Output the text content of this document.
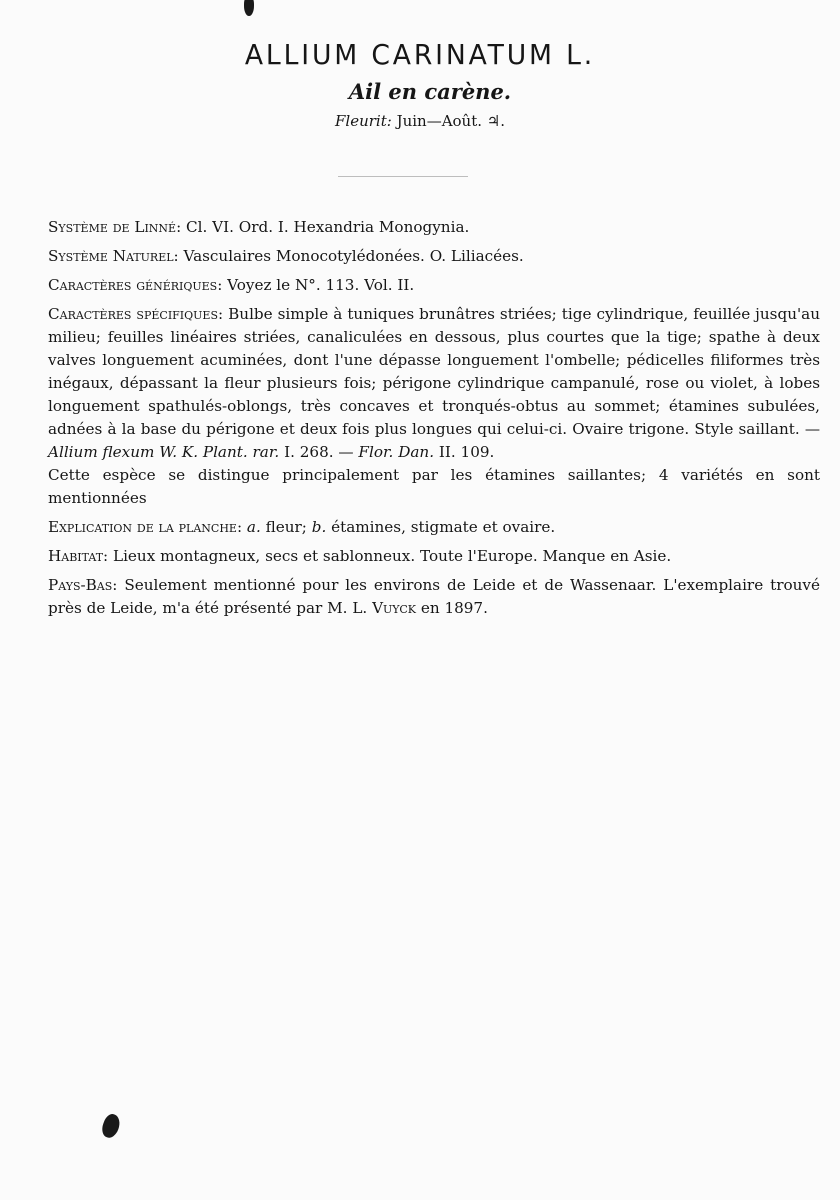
ALLIUM CARINATUM L.
Ail en carène.
Fleurit: Juin—Août. ♃.

Système de Linné: Cl. VI. Ord. I. Hexandria Monogynia.

Système Naturel: Vasculaires Monocotylédonées. O. Liliacées.

Caractères génériques: Voyez le N°. 113. Vol. II.

Caractères spécifiques: Bulbe simple à tuniques brunâtres striées; tige cylindrique, feuillée jusqu'au milieu; feuilles linéaires striées, canaliculées en dessous, plus courtes que la tige; spathe à deux valves longuement acuminées, dont l'une dépasse longuement l'ombelle; pédicelles filiformes très inégaux, dépassant la fleur plusieurs fois; périgone cylindrique campanulé, rose ou violet, à lobes longuement spathulés-oblongs, très concaves et tronqués-obtus au sommet; étamines subulées, adnées à la base du périgone et deux fois plus longues qui celui-ci. Ovaire trigone. Style saillant. — Allium flexum W. K. Plant. rar. I. 268. — Flor. Dan. II. 109.

Cette espèce se distingue principalement par les étamines saillantes; 4 variétés en sont mentionnées

Explication de la planche: a. fleur; b. étamines, stigmate et ovaire.

Habitat: Lieux montagneux, secs et sablonneux. Toute l'Europe. Manque en Asie.

Pays-Bas: Seulement mentionné pour les environs de Leide et de Wassenaar. L'exemplaire trouvé près de Leide, m'a été présenté par M. L. Vuyck en 1897.
